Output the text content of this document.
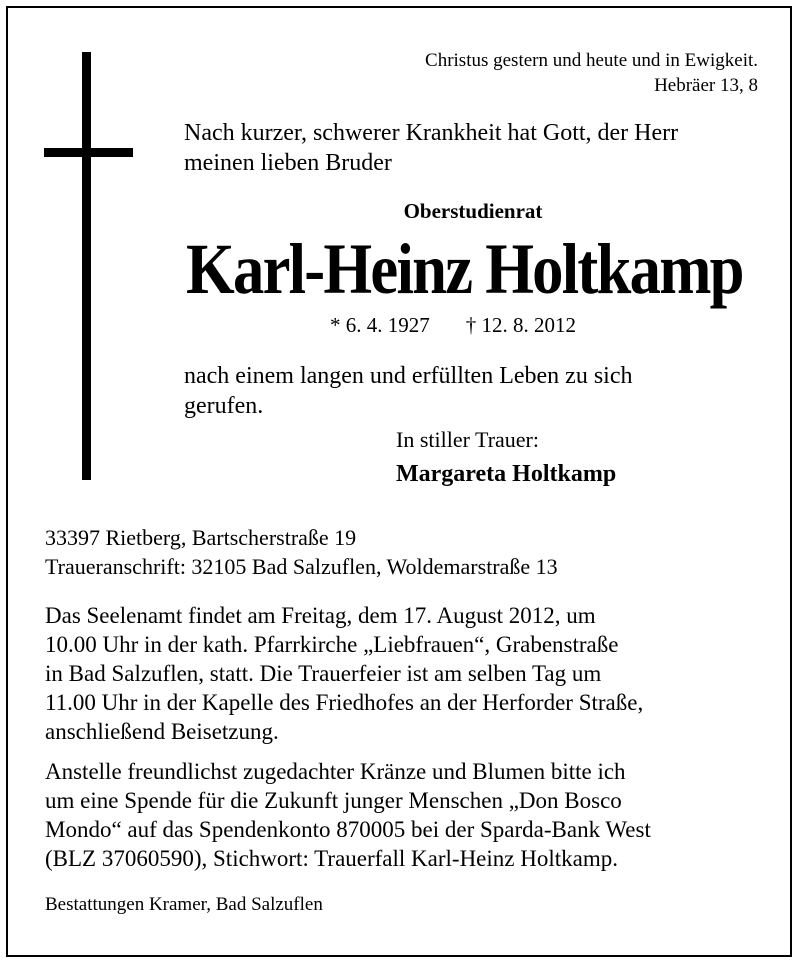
Christus gestern und heute und in Ewigkeit.
Hebräer 13, 8
Nach kurzer, schwerer Krankheit hat Gott, der Herr
meinen lieben Bruder
Oberstudienrat
Karl-Heinz Holtkamp
* 6. 4. 1927 † 12. 8. 2012
nach einem langen und erfüllten Leben zu sich
gerufen.
In stiller Trauer:
Margareta Holtkamp
33397 Rietberg, Bartscherstraße 19
Traueranschrift: 32105 Bad Salzuflen, Woldemarstraße 13
Das Seelenamt findet am Freitag, dem 17. August 2012, um
10.00 Uhr in der kath. Pfarrkirche „Liebfrauen“, Grabenstraße
in Bad Salzuflen, statt. Die Trauerfeier ist am selben Tag um
11.00 Uhr in der Kapelle des Friedhofes an der Herforder Straße,
anschließend Beisetzung.
Anstelle freundlichst zugedachter Kränze und Blumen bitte ich
um eine Spende für die Zukunft junger Menschen „Don Bosco
Mondo“ auf das Spendenkonto 870005 bei der Sparda-Bank West
(BLZ 37060590), Stichwort: Trauerfall Karl-Heinz Holtkamp.
Bestattungen Kramer, Bad Salzuflen
